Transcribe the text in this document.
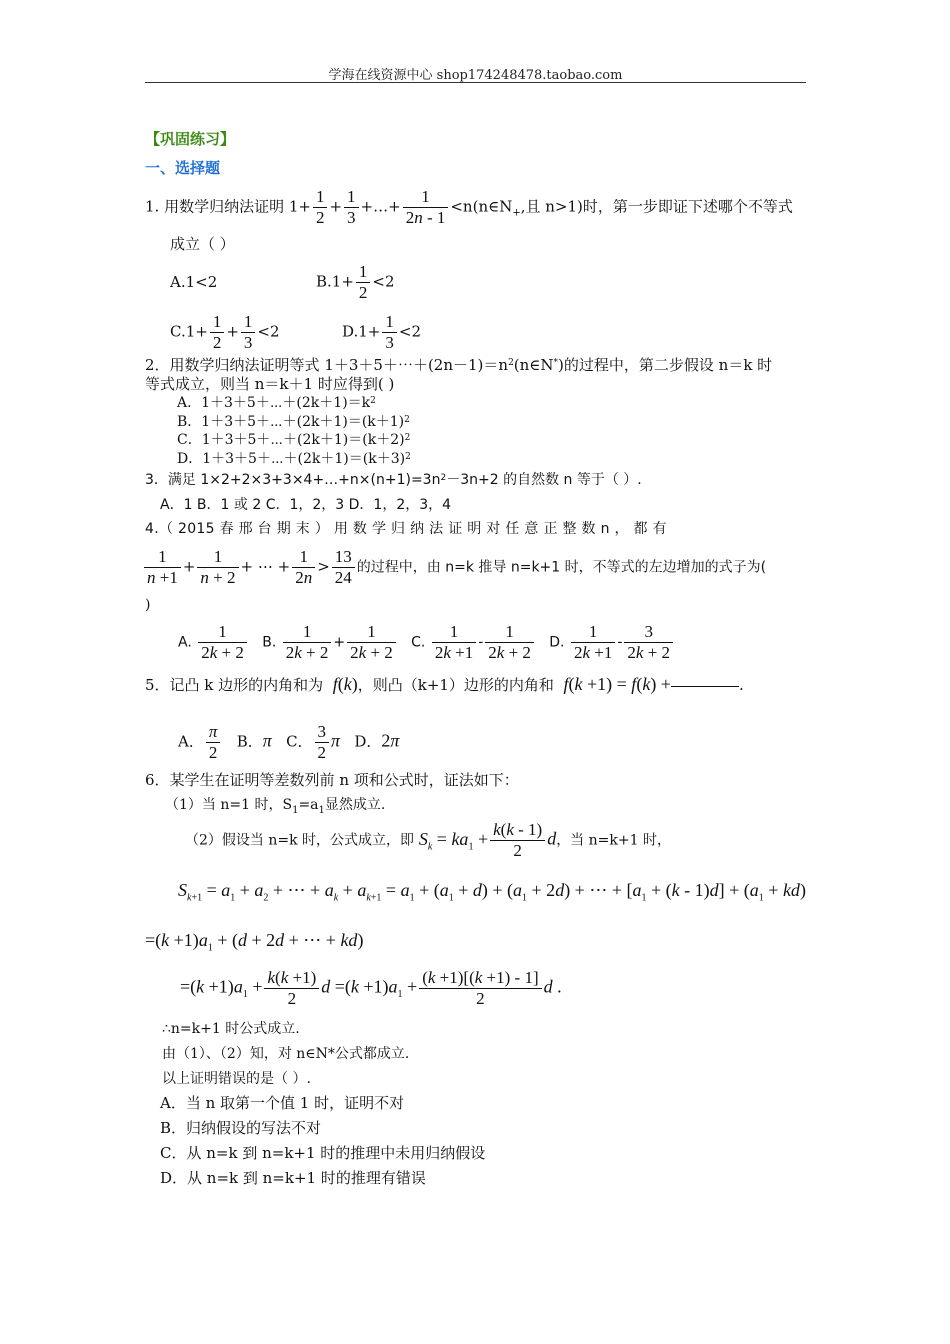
学海在线资源中心 shop174248478.taobao.com
【巩固练习】
一、选择题
1. 用数学归纳法证明 $1+ \frac{1}{2} + \frac{1}{3}$ +…+ $\frac{1}{2n - 1}$ $<n(n\in N_+$,且 n>1)时，第一步即证下述哪个不等式
成立（ ）
A.1<2	$B.1+ \frac{1}{2} <2$
$C.1+ \frac{1}{2} + \frac{1}{3} <2$	$D.1+ \frac{1}{3} <2$
2．用数学归纳法证明等式 $1+3+5+\cdots+(2n-1)=n^2(n\in N^*)$的过程中，第二步假设 n＝k 时
等式成立，则当 n＝k＋1 时应得到( )
A．$1+3+5+\cdots+(2k+1)=k^2$
B．$1+3+5+\cdots+(2k+1)=(k+1)^2$
C．$1+3+5+\cdots+(2k+1)=(k+2)^2$
D．$1+3+5+\cdots+(2k+1)=(k+3)^2$
3．满足 $1\times 2+2\times 3+3\times 4+\dots+n\times(n+1)=3n^2-3n+2$ 的自然数 n 等于（ ）.
A．1 B．1 或 2 C．1，2，3 D．1，2，3，4
4.（ 2015 春 邢 台 期 末 ） 用 数 学 归 纳 法 证 明 对 任 意 正 整 数 n ， 都 有
$\frac{1}{n +1} + \frac{1}{n + 2}$ + ⋯ + $\frac{1}{2n} > \frac{13}{24}$ 的过程中，由 n=k 推导 n=k+1 时，不等式的左边增加的式子为(
)
A. $\frac{1}{2k + 2} B$. $\frac{1}{2k + 2} + \frac{1}{2k + 2} C$. $\frac{1}{2k +1} - \frac{1}{2k + 2} D$. $\frac{1}{2k +1} - \frac{3}{2k + 2}$
5．记凸 k 边形的内角和为 f(k)，则凸（k+1）边形的内角和 f(k +1) = f(k) +	.
A． $\frac{\pi}{2}$ B．π C． $\frac{3}{2}$ π D．2π
6．某学生在证明等差数列前 n 项和公式时，证法如下：
（1）当 n=1 时，$S_1=a_1$显然成立.
（2）假设当 n=k 时，公式成立，即 $S_k = ka_1 + \frac{k(k - 1)}{2}$ d，当 n=k+1 时，
$S_{k+1} = a_1 + a_2$ + ⋯ + $a_k + a_{k+1} = a_1 + (a_1 + d) + (a_1 + 2d)$ + ⋯ + $[a_1 + (k - 1)d] + (a_1 + kd)$
$=(k +1)a_1 + (d + 2d$ + ⋯ + kd)
$=(k +1)a_1 + \frac{k(k +1)}{2}$ $d =(k +1)a_1 + \frac{(k +1)[(k +1) - 1]}{2}$ d .
∴n=k+1 时公式成立.
由（1）、（2）知，对 n∈N*公式都成立.
以上证明错误的是（ ）.
A．当 n 取第一个值 1 时，证明不对
B．归纳假设的写法不对
C．从 n=k 到 n=k+1 时的推理中未用归纳假设
D．从 n=k 到 n=k+1 时的推理有错误
